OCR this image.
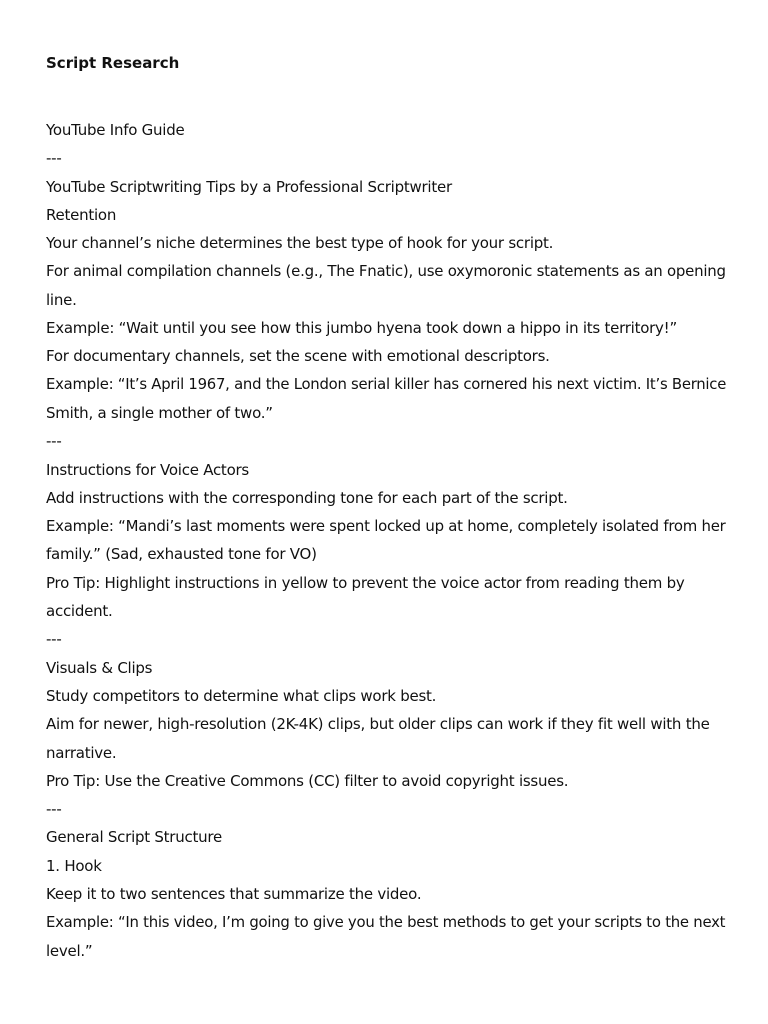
Script Research
YouTube Info Guide
---
YouTube Scriptwriting Tips by a Professional Scriptwriter
Retention
Your channel’s niche determines the best type of hook for your script.
For animal compilation channels (e.g., The Fnatic), use oxymoronic statements as an opening
line.
Example: “Wait until you see how this jumbo hyena took down a hippo in its territory!”
For documentary channels, set the scene with emotional descriptors.
Example: “It’s April 1967, and the London serial killer has cornered his next victim. It’s Bernice
Smith, a single mother of two.”
---
Instructions for Voice Actors
Add instructions with the corresponding tone for each part of the script.
Example: “Mandi’s last moments were spent locked up at home, completely isolated from her
family.” (Sad, exhausted tone for VO)
Pro Tip: Highlight instructions in yellow to prevent the voice actor from reading them by
accident.
---
Visuals & Clips
Study competitors to determine what clips work best.
Aim for newer, high-resolution (2K-4K) clips, but older clips can work if they fit well with the
narrative.
Pro Tip: Use the Creative Commons (CC) filter to avoid copyright issues.
---
General Script Structure
1. Hook
Keep it to two sentences that summarize the video.
Example: “In this video, I’m going to give you the best methods to get your scripts to the next
level.”
